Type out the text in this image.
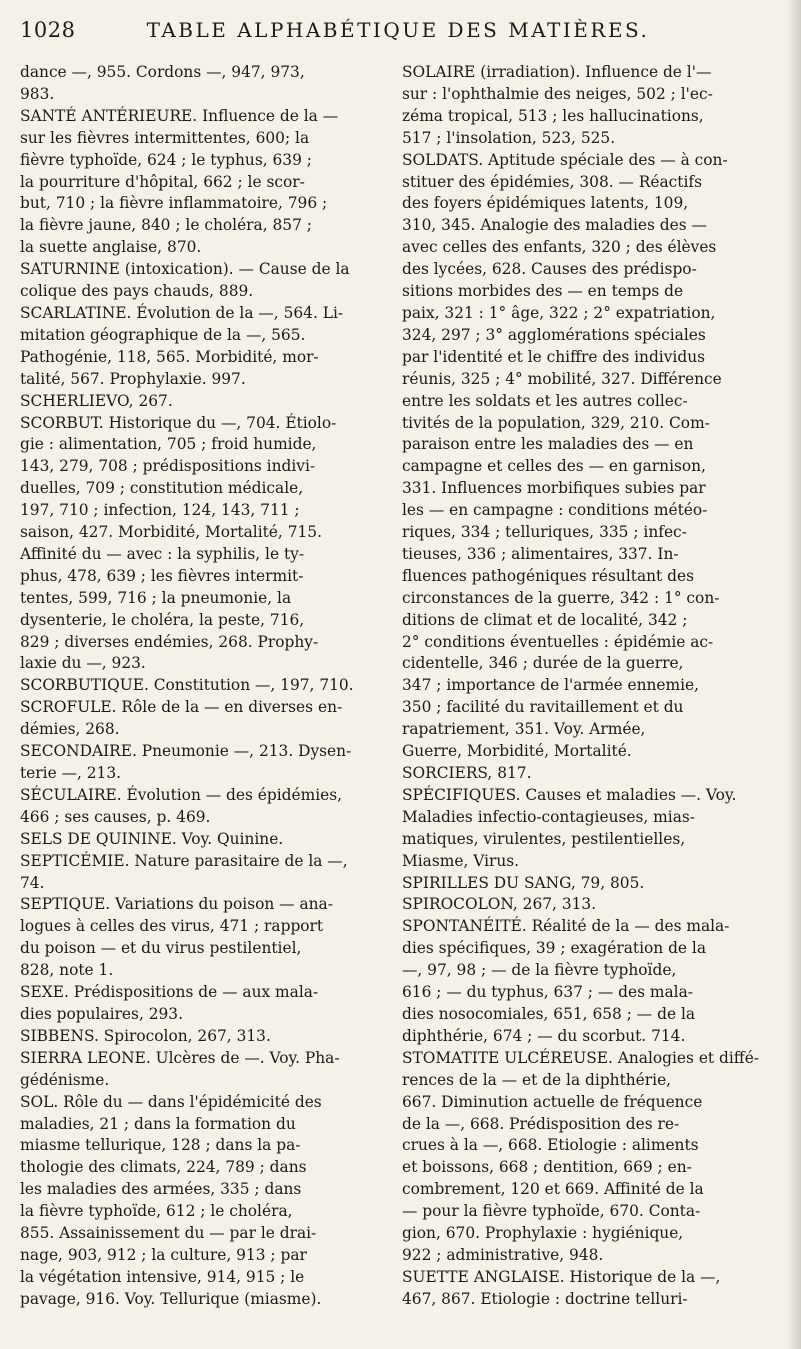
1028	TABLE ALPHABÉTIQUE DES MATIÈRES.
dance —, 955. Cordons —, 947, 973,
983.
SANTÉ ANTÉRIEURE. Influence de la —
sur les fièvres intermittentes, 600; la
fièvre typhoïde, 624 ; le typhus, 639 ;
la pourriture d'hôpital, 662 ; le scor-
but, 710 ; la fièvre inflammatoire, 796 ;
la fièvre jaune, 840 ; le choléra, 857 ;
la suette anglaise, 870.
SATURNINE (intoxication). — Cause de la
colique des pays chauds, 889.
SCARLATINE. Évolution de la —, 564. Li-
mitation géographique de la —, 565.
Pathogénie, 118, 565. Morbidité, mor-
talité, 567. Prophylaxie. 997.
SCHERLIEVO, 267.
SCORBUT. Historique du —, 704. Étiolo-
gie : alimentation, 705 ; froid humide,
143, 279, 708 ; prédispositions indivi-
duelles, 709 ; constitution médicale,
197, 710 ; infection, 124, 143, 711 ;
saison, 427. Morbidité, Mortalité, 715.
Affinité du — avec : la syphilis, le ty-
phus, 478, 639 ; les fièvres intermit-
tentes, 599, 716 ; la pneumonie, la
dysenterie, le choléra, la peste, 716,
829 ; diverses endémies, 268. Prophy-
laxie du —, 923.
SCORBUTIQUE. Constitution —, 197, 710.
SCROFULE. Rôle de la — en diverses en-
démies, 268.
SECONDAIRE. Pneumonie —, 213. Dysen-
terie —, 213.
SÉCULAIRE. Évolution — des épidémies,
466 ; ses causes, p. 469.
SELS DE QUININE. Voy. Quinine.
SEPTICÉMIE. Nature parasitaire de la —,
74.
SEPTIQUE. Variations du poison — ana-
logues à celles des virus, 471 ; rapport
du poison — et du virus pestilentiel,
828, note 1.
SEXE. Prédispositions de — aux mala-
dies populaires, 293.
SIBBENS. Spirocolon, 267, 313.
SIERRA LEONE. Ulcères de —. Voy. Pha-
gédénisme.
SOL. Rôle du — dans l'épidémicité des
maladies, 21 ; dans la formation du
miasme tellurique, 128 ; dans la pa-
thologie des climats, 224, 789 ; dans
les maladies des armées, 335 ; dans
la fièvre typhoïde, 612 ; le choléra,
855. Assainissement du — par le drai-
nage, 903, 912 ; la culture, 913 ; par
la végétation intensive, 914, 915 ; le
pavage, 916. Voy. Tellurique (miasme).
SOLAIRE (irradiation). Influence de l'—
sur : l'ophthalmie des neiges, 502 ; l'ec-
zéma tropical, 513 ; les hallucinations,
517 ; l'insolation, 523, 525.
SOLDATS. Aptitude spéciale des — à con-
stituer des épidémies, 308. — Réactifs
des foyers épidémiques latents, 109,
310, 345. Analogie des maladies des —
avec celles des enfants, 320 ; des élèves
des lycées, 628. Causes des prédispo-
sitions morbides des — en temps de
paix, 321 : 1° âge, 322 ; 2° expatriation,
324, 297 ; 3° agglomérations spéciales
par l'identité et le chiffre des individus
réunis, 325 ; 4° mobilité, 327. Différence
entre les soldats et les autres collec-
tivités de la population, 329, 210. Com-
paraison entre les maladies des — en
campagne et celles des — en garnison,
331. Influences morbifiques subies par
les — en campagne : conditions météo-
riques, 334 ; telluriques, 335 ; infec-
tieuses, 336 ; alimentaires, 337. In-
fluences pathogéniques résultant des
circonstances de la guerre, 342 : 1° con-
ditions de climat et de localité, 342 ;
2° conditions éventuelles : épidémie ac-
cidentelle, 346 ; durée de la guerre,
347 ; importance de l'armée ennemie,
350 ; facilité du ravitaillement et du
rapatriement, 351. Voy. Armée,
Guerre, Morbidité, Mortalité.
SORCIERS, 817.
SPÉCIFIQUES. Causes et maladies —. Voy.
Maladies infectio-contagieuses, mias-
matiques, virulentes, pestilentielles,
Miasme, Virus.
SPIRILLES DU SANG, 79, 805.
SPIROCOLON, 267, 313.
SPONTANÉITÉ. Réalité de la — des mala-
dies spécifiques, 39 ; exagération de la
—, 97, 98 ; — de la fièvre typhoïde,
616 ; — du typhus, 637 ; — des mala-
dies nosocomiales, 651, 658 ; — de la
diphthérie, 674 ; — du scorbut. 714.
STOMATITE ULCÉREUSE. Analogies et diffé-
rences de la — et de la diphthérie,
667. Diminution actuelle de fréquence
de la —, 668. Prédisposition des re-
crues à la —, 668. Etiologie : aliments
et boissons, 668 ; dentition, 669 ; en-
combrement, 120 et 669. Affinité de la
— pour la fièvre typhoïde, 670. Conta-
gion, 670. Prophylaxie : hygiénique,
922 ; administrative, 948.
SUETTE ANGLAISE. Historique de la —,
467, 867. Etiologie : doctrine telluri-
